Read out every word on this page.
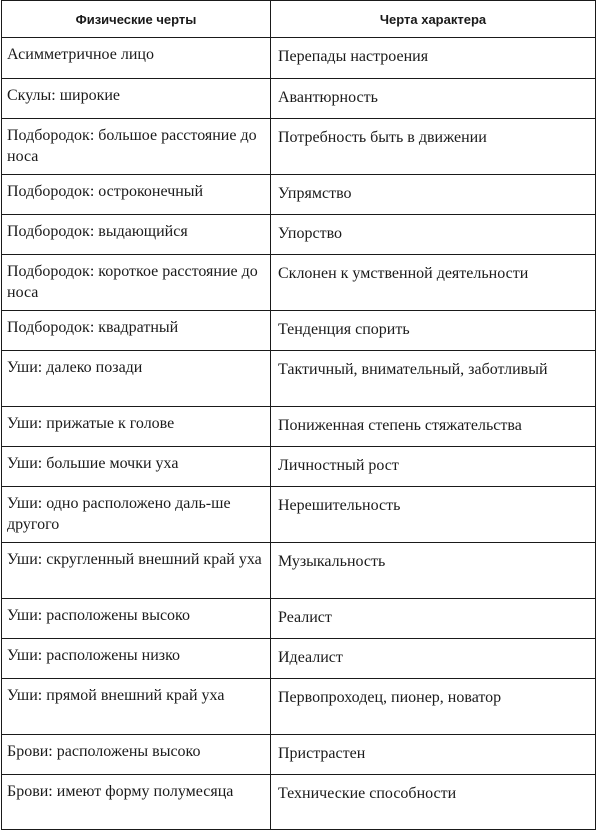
Физические черты	Черта характера
Асимметричное лицо	Перепады настроения

Скулы: широкие	Авантюрность

Подбородок: большое расстояние до носа	Потребность быть в движении

Подбородок: остроконечный	Упрямство

Подбородок: выдающийся	Упорство

Подбородок: короткое расстояние до носа	Склонен к умственной деятельности

Подбородок: квадратный	Тенденция спорить

Уши: далеко позади	Тактичный, внимательный, заботливый

Уши: прижатые к голове	Пониженная степень стяжательства

Уши: большие мочки уха	Личностный рост

Уши: одно расположено даль-ше другого	Нерешительность

Уши: скругленный внешний край уха	Музыкальность

Уши: расположены высоко	Реалист

Уши: расположены низко	Идеалист

Уши: прямой внешний край уха	Первопроходец, пионер, новатор

Брови: расположены высоко	Пристрастен

Брови: имеют форму полумесяца	Технические способности
